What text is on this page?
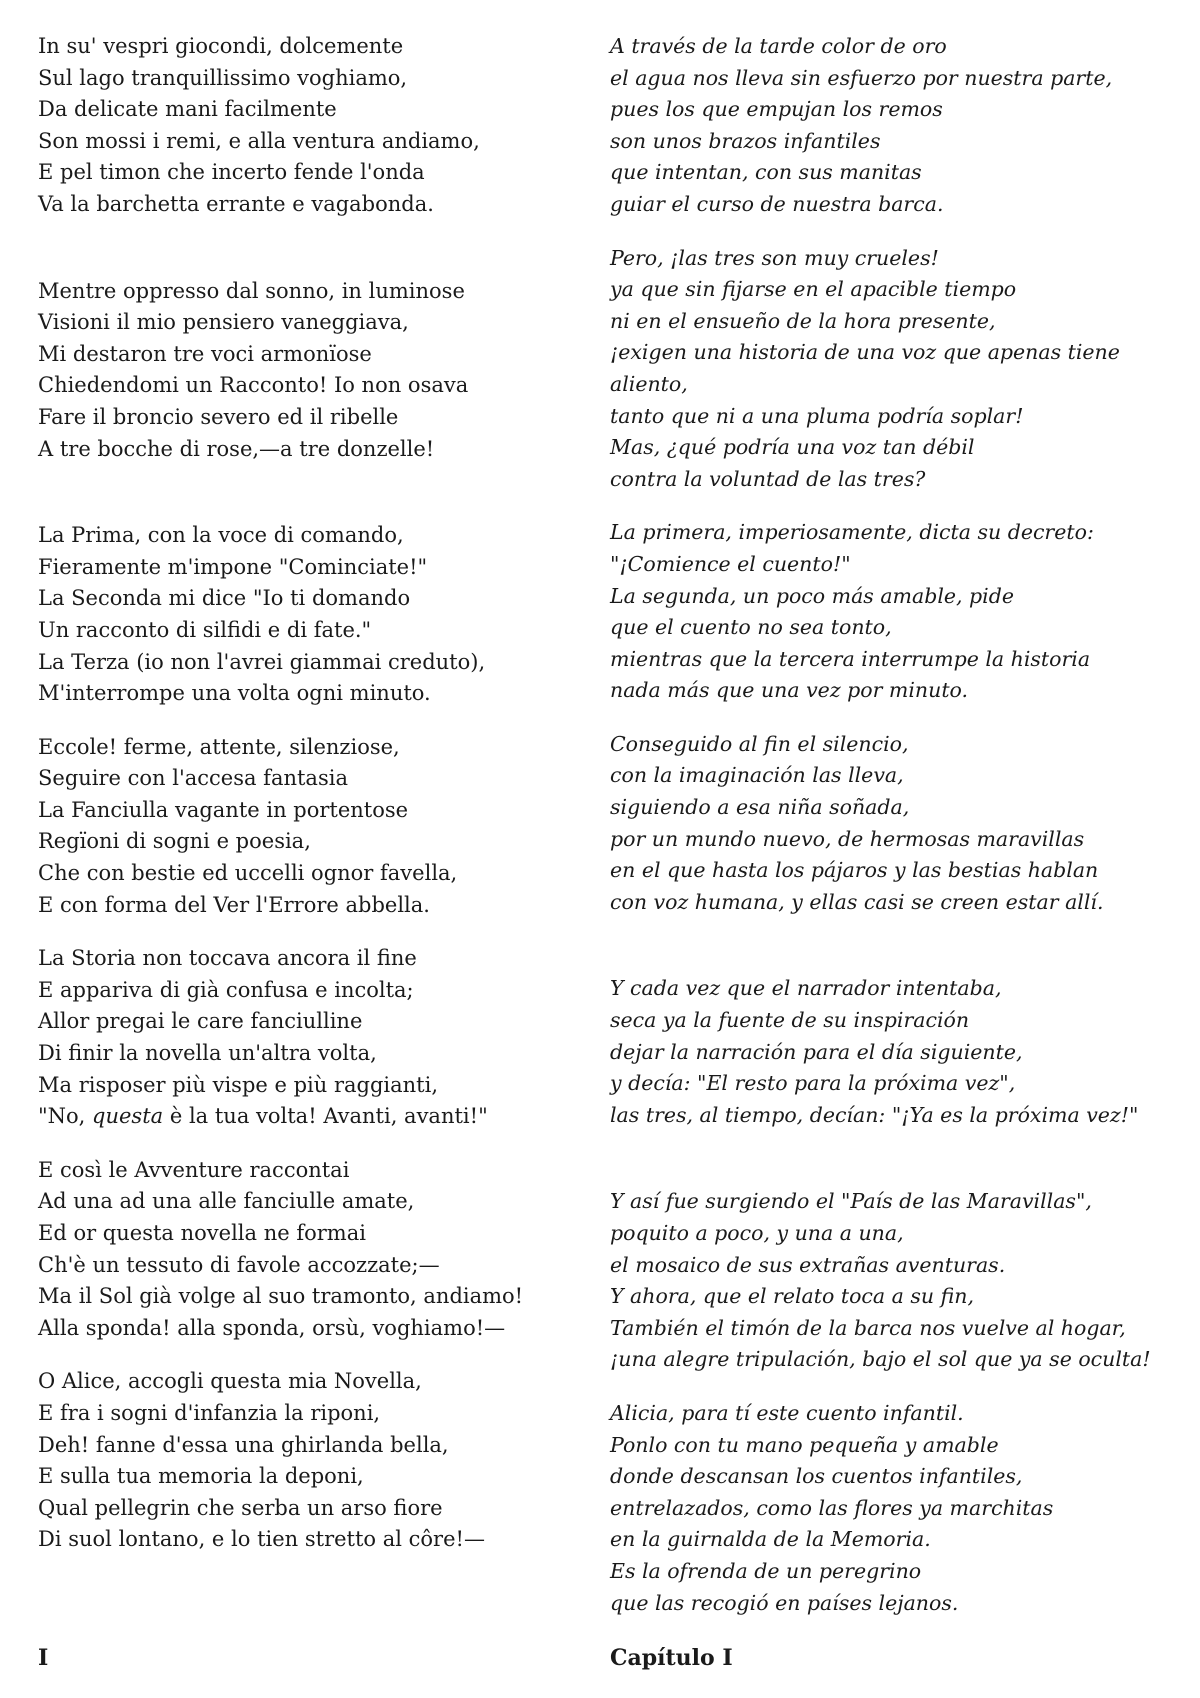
In su' vespri giocondi, dolcemente
Sul lago tranquillissimo voghiamo,
Da delicate mani facilmente
Son mossi i remi, e alla ventura andiamo,
E pel timon che incerto fende l'onda
Va la barchetta errante e vagabonda.
Mentre oppresso dal sonno, in luminose
Visioni il mio pensiero vaneggiava,
Mi destaron tre voci armonïose
Chiedendomi un Racconto! Io non osava
Fare il broncio severo ed il ribelle
A tre bocche di rose,—a tre donzelle!
La Prima, con la voce di comando,
Fieramente m'impone "Cominciate!"
La Seconda mi dice "Io ti domando
Un racconto di silfidi e di fate."
La Terza (io non l'avrei giammai creduto),
M'interrompe una volta ogni minuto.
Eccole! ferme, attente, silenziose,
Seguire con l'accesa fantasia
La Fanciulla vagante in portentose
Regïoni di sogni e poesia,
Che con bestie ed uccelli ognor favella,
E con forma del Ver l'Errore abbella.
La Storia non toccava ancora il fine
E appariva di già confusa e incolta;
Allor pregai le care fanciulline
Di finir la novella un'altra volta,
Ma risposer più vispe e più raggianti,
"No, questa è la tua volta! Avanti, avanti!"
E così le Avventure raccontai
Ad una ad una alle fanciulle amate,
Ed or questa novella ne formai
Ch'è un tessuto di favole accozzate;—
Ma il Sol già volge al suo tramonto, andiamo!
Alla sponda! alla sponda, orsù, voghiamo!—
O Alice, accogli questa mia Novella,
E fra i sogni d'infanzia la riponi,
Deh! fanne d'essa una ghirlanda bella,
E sulla tua memoria la deponi,
Qual pellegrin che serba un arso fiore
Di suol lontano, e lo tien stretto al côre!—
A través de la tarde color de oro
el agua nos lleva sin esfuerzo por nuestra parte,
pues los que empujan los remos
son unos brazos infantiles
que intentan, con sus manitas
guiar el curso de nuestra barca.
Pero, ¡las tres son muy crueles!
ya que sin fijarse en el apacible tiempo
ni en el ensueño de la hora presente,
¡exigen una historia de una voz que apenas tiene aliento,
tanto que ni a una pluma podría soplar!
Mas, ¿qué podría una voz tan débil
contra la voluntad de las tres?
La primera, imperiosamente, dicta su decreto:
"¡Comience el cuento!"
La segunda, un poco más amable, pide
que el cuento no sea tonto,
mientras que la tercera interrumpe la historia
nada más que una vez por minuto.
Conseguido al fin el silencio,
con la imaginación las lleva,
siguiendo a esa niña soñada,
por un mundo nuevo, de hermosas maravillas
en el que hasta los pájaros y las bestias hablan
con voz humana, y ellas casi se creen estar allí.
Y cada vez que el narrador intentaba,
seca ya la fuente de su inspiración
dejar la narración para el día siguiente,
y decía: "El resto para la próxima vez",
las tres, al tiempo, decían: "¡Ya es la próxima vez!"
Y así fue surgiendo el "País de las Maravillas",
poquito a poco, y una a una,
el mosaico de sus extrañas aventuras.
Y ahora, que el relato toca a su fin,
También el timón de la barca nos vuelve al hogar,
¡una alegre tripulación, bajo el sol que ya se oculta!
Alicia, para tí este cuento infantil.
Ponlo con tu mano pequeña y amable
donde descansan los cuentos infantiles,
entrelazados, como las flores ya marchitas
en la guirnalda de la Memoria.
Es la ofrenda de un peregrino
que las recogió en países lejanos.
I	Capítulo I
